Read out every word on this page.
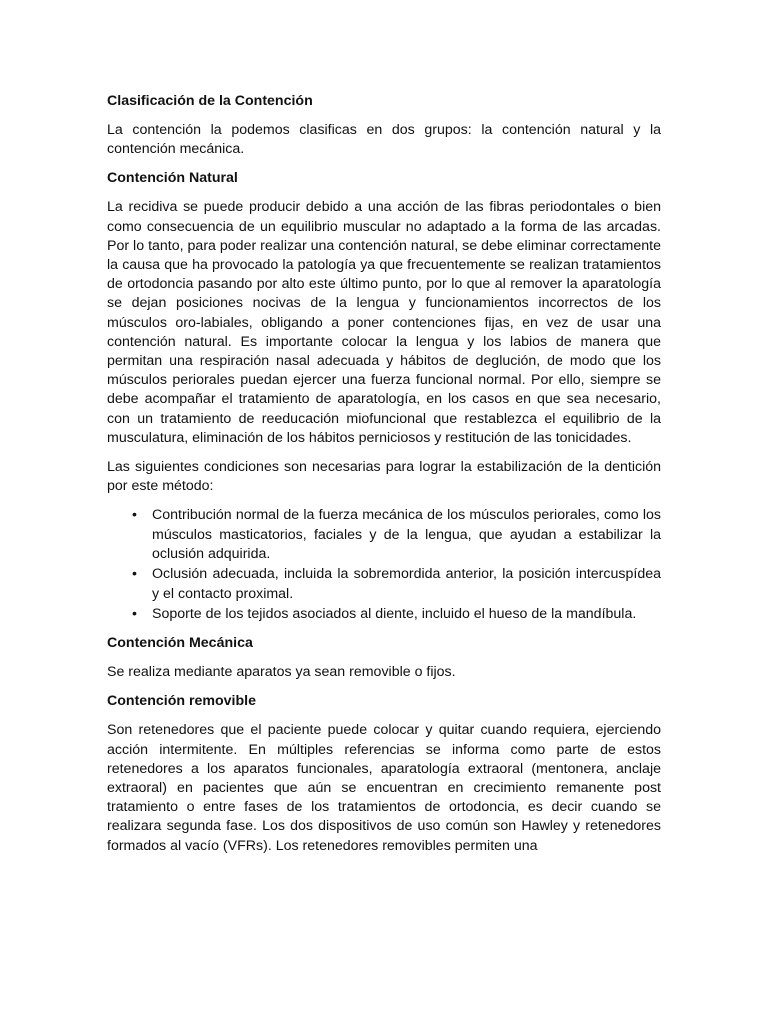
Clasificación de la Contención

La contención la podemos clasificas en dos grupos: la contención natural y la contención mecánica.

Contención Natural

La recidiva se puede producir debido a una acción de las fibras periodontales o bien como consecuencia de un equilibrio muscular no adaptado a la forma de las arcadas. Por lo tanto, para poder realizar una contención natural, se debe eliminar correctamente la causa que ha provocado la patología ya que frecuentemente se realizan tratamientos de ortodoncia pasando por alto este último punto, por lo que al remover la aparatología se dejan posiciones nocivas de la lengua y funcionamientos incorrectos de los músculos oro-labiales, obligando a poner contenciones fijas, en vez de usar una contención natural. Es importante colocar la lengua y los labios de manera que permitan una respiración nasal adecuada y hábitos de deglución, de modo que los músculos periorales puedan ejercer una fuerza funcional normal. Por ello, siempre se debe acompañar el tratamiento de aparatología, en los casos en que sea necesario, con un tratamiento de reeducación miofuncional que restablezca el equilibrio de la musculatura, eliminación de los hábitos perniciosos y restitución de las tonicidades.

Las siguientes condiciones son necesarias para lograr la estabilización de la dentición por este método:

• Contribución normal de la fuerza mecánica de los músculos periorales, como los músculos masticatorios, faciales y de la lengua, que ayudan a estabilizar la oclusión adquirida.
• Oclusión adecuada, incluida la sobremordida anterior, la posición intercuspídea y el contacto proximal.
• Soporte de los tejidos asociados al diente, incluido el hueso de la mandíbula.
Contención Mecánica

Se realiza mediante aparatos ya sean removible o fijos.

Contención removible

Son retenedores que el paciente puede colocar y quitar cuando requiera, ejerciendo acción intermitente. En múltiples referencias se informa como parte de estos retenedores a los aparatos funcionales, aparatología extraoral (mentonera, anclaje extraoral) en pacientes que aún se encuentran en crecimiento remanente post tratamiento o entre fases de los tratamientos de ortodoncia, es decir cuando se realizara segunda fase. Los dos dispositivos de uso común son Hawley y retenedores formados al vacío (VFRs). Los retenedores removibles permiten una
